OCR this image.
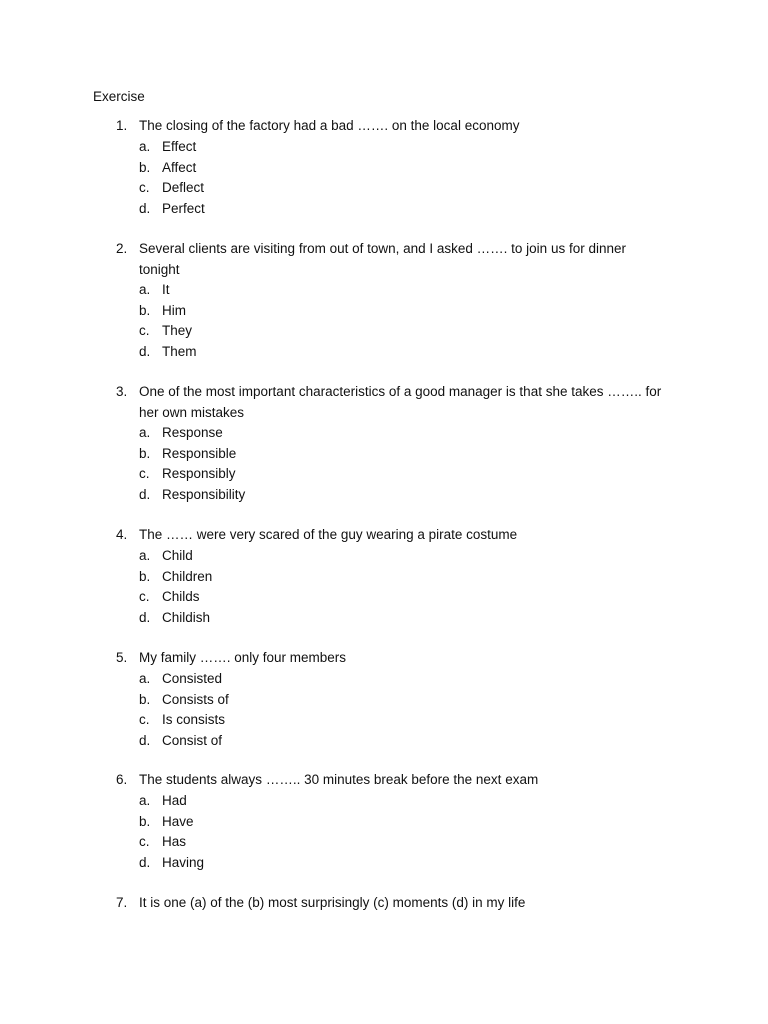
Exercise
1. The closing of the factory had a bad ……. on the local economy
a. Effect
b. Affect
c. Deflect
d. Perfect
2. Several clients are visiting from out of town, and I asked ……. to join us for dinner tonight
a. It
b. Him
c. They
d. Them
3. One of the most important characteristics of a good manager is that she takes …….. for her own mistakes
a. Response
b. Responsible
c. Responsibly
d. Responsibility
4. The …… were very scared of the guy wearing a pirate costume
a. Child
b. Children
c. Childs
d. Childish
5. My family ……. only four members
a. Consisted
b. Consists of
c. Is consists
d. Consist of
6. The students always …….. 30 minutes break before the next exam
a. Had
b. Have
c. Has
d. Having
7. It is one (a) of the (b) most surprisingly (c) moments (d) in my life
